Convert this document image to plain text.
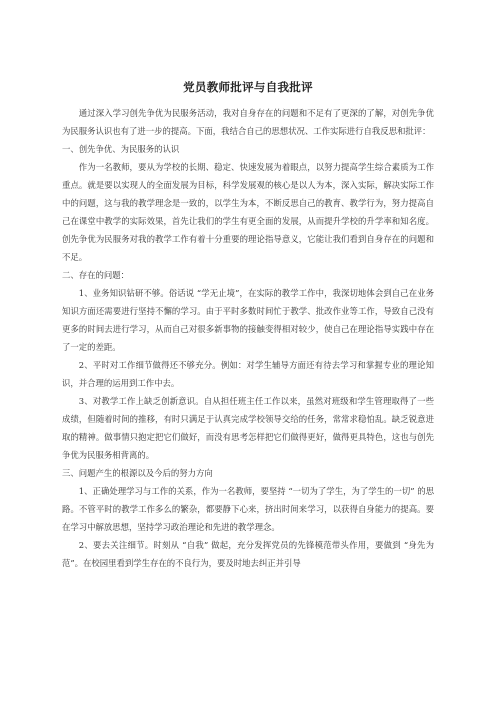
党员教师批评与自我批评

通过深入学习创先争优为民服务活动，我对自身存在的问题和不足有了更深的了解，对创先争优为民服务认识也有了进一步的提高。下面，我结合自己的思想状况、工作实际进行自我反思和批评：

一、创先争优、为民服务的认识

作为一名教师，要从为学校的长期、稳定、快速发展为着眼点，以努力提高学生综合素质为工作重点。就是要以实现人的全面发展为目标，科学发展观的核心是以人为本，深入实际，解决实际工作中的问题，这与我的教学理念是一致的，以学生为本，不断反思自己的教育、教学行为，努力提高自己在课堂中教学的实际效果，首先让我们的学生有更全面的发展，从而提升学校的升学率和知名度。创先争优为民服务对我的教学工作有着十分重要的理论指导意义，它能让我们看到自身存在的问题和不足。

二、存在的问题：

1、业务知识钻研不够。俗话说 “学无止境”，在实际的教学工作中，我深切地体会到自己在业务知识方面还需要进行坚持不懈的学习。由于平时多数时间忙于教学、批改作业等工作，导致自己没有更多的时间去进行学习，从而自己对很多新事物的接触变得相对较少，使自己在理论指导实践中存在了一定的差距。

2、平时对工作细节做得还不够充分。例如：对学生辅导方面还有待去学习和掌握专业的理论知识，并合理的运用到工作中去。

3、对教学工作上缺乏创新意识。自从担任班主任工作以来，虽然对班级和学生管理取得了一些成绩，但随着时间的推移，有时只满足于认真完成学校领导交给的任务，常常求稳怕乱。缺乏锐意进取的精神。做事情只抱定把它们做好，而没有思考怎样把它们做得更好，做得更具特色，这也与创先争优为民服务相背离的。

三、问题产生的根源以及今后的努力方向

1、正确处理学习与工作的关系，作为一名教师，要坚持 “一切为了学生，为了学生的一切” 的思路。不管平时的教学工作多么的繁杂，都要静下心来，挤出时间来学习，以获得自身能力的提高。要在学习中解放思想，坚持学习政治理论和先进的教学理念。

2、要去关注细节。时刻从 “自我” 做起，充分发挥党员的先锋模范带头作用，要做到 “身先为范”。在校园里看到学生存在的不良行为，要及时地去纠正并引导
